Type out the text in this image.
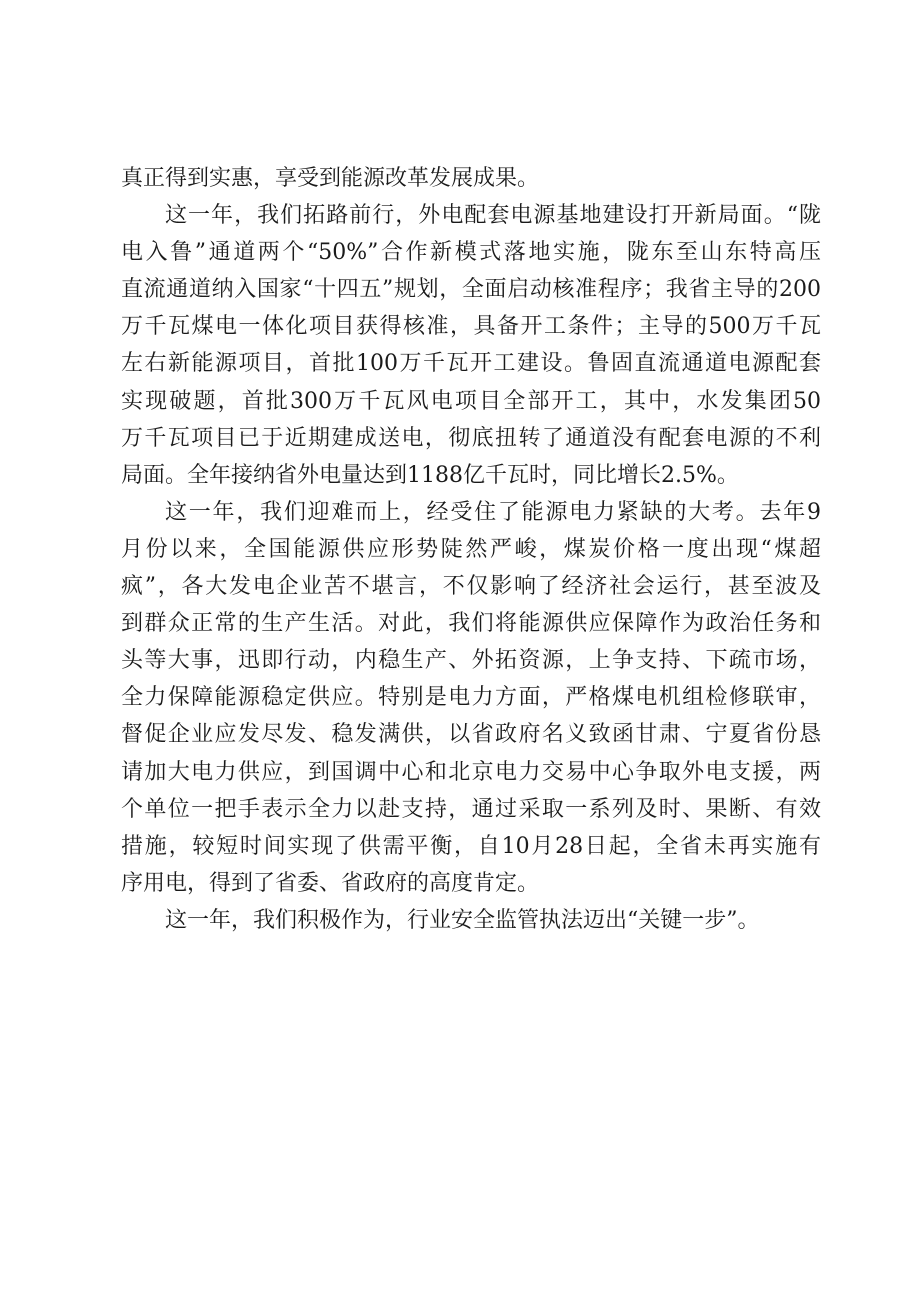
真正得到实惠，享受到能源改革发展成果。
这一年，我们拓路前行，外电配套电源基地建设打开新局面。“陇
电入鲁”通道两个“50%”合作新模式落地实施，陇东至山东特高压
直流通道纳入国家“十四五”规划，全面启动核准程序；我省主导的200
万千瓦煤电一体化项目获得核准，具备开工条件；主导的500万千瓦
左右新能源项目，首批100万千瓦开工建设。鲁固直流通道电源配套
实现破题，首批300万千瓦风电项目全部开工，其中，水发集团50
万千瓦项目已于近期建成送电，彻底扭转了通道没有配套电源的不利
局面。全年接纳省外电量达到1188亿千瓦时，同比增长2.5%。
这一年，我们迎难而上，经受住了能源电力紧缺的大考。去年9
月份以来，全国能源供应形势陡然严峻，煤炭价格一度出现“煤超
疯”，各大发电企业苦不堪言，不仅影响了经济社会运行，甚至波及
到群众正常的生产生活。对此，我们将能源供应保障作为政治任务和
头等大事，迅即行动，内稳生产、外拓资源，上争支持、下疏市场，
全力保障能源稳定供应。特别是电力方面，严格煤电机组检修联审，
督促企业应发尽发、稳发满供，以省政府名义致函甘肃、宁夏省份恳
请加大电力供应，到国调中心和北京电力交易中心争取外电支援，两
个单位一把手表示全力以赴支持，通过采取一系列及时、果断、有效
措施，较短时间实现了供需平衡，自10月28日起，全省未再实施有
序用电，得到了省委、省政府的高度肯定。
这一年，我们积极作为，行业安全监管执法迈出“关键一步”。
